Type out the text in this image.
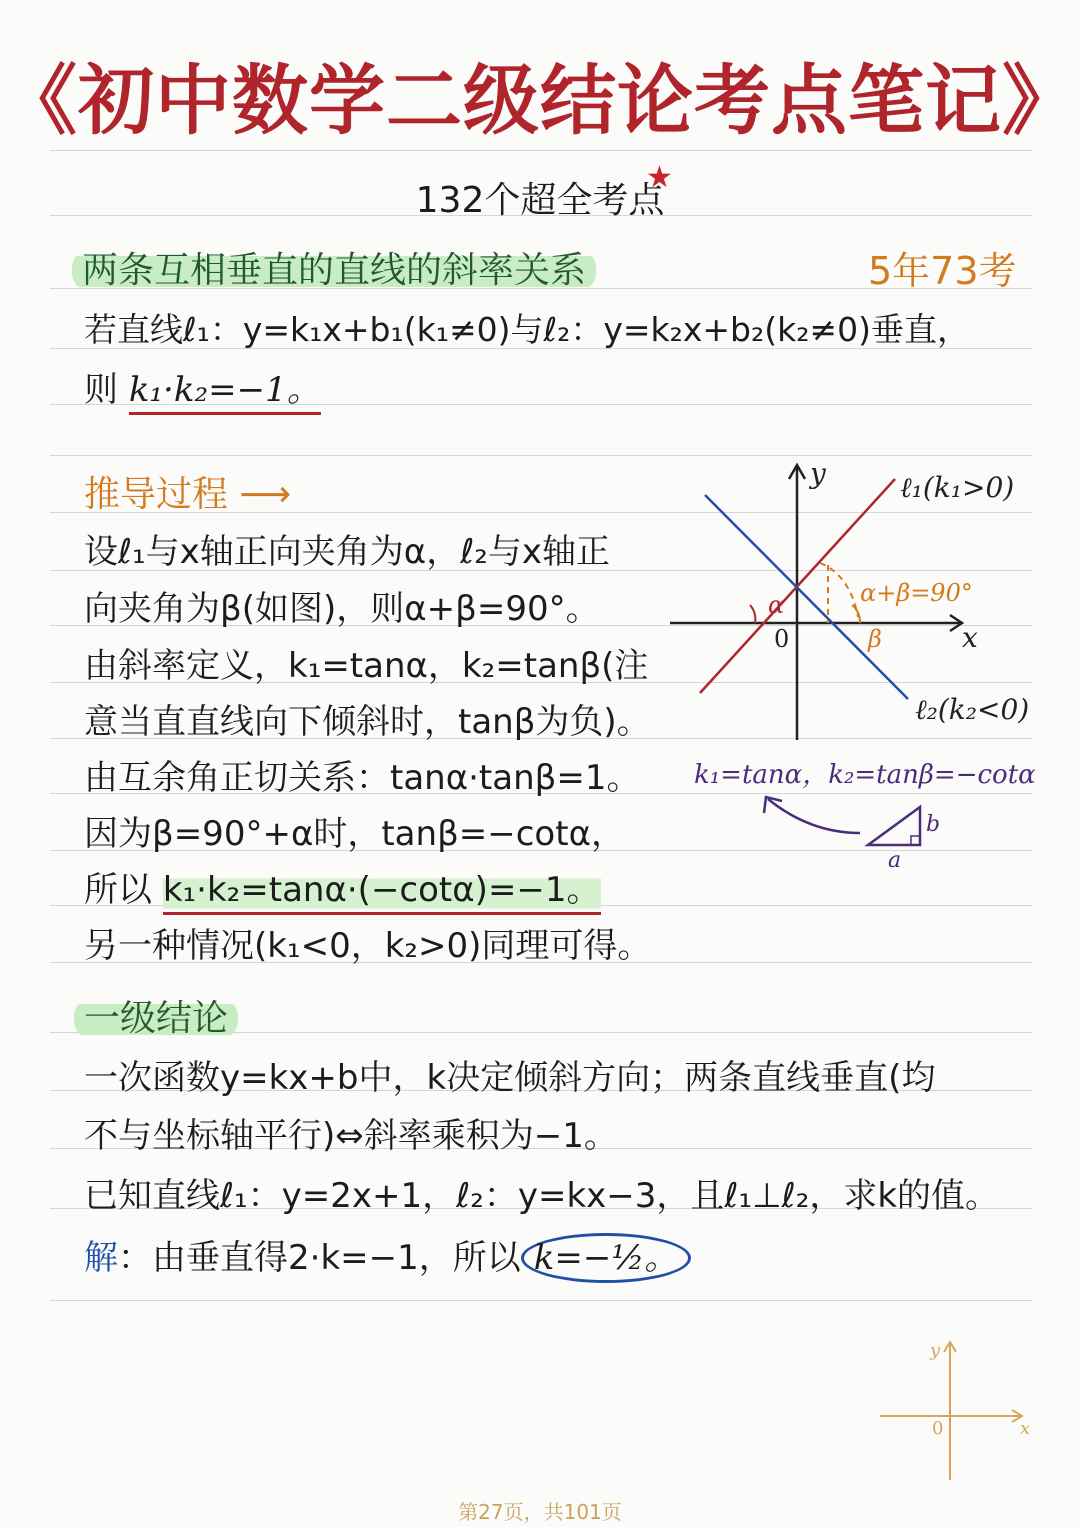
《初中数学二级结论考点笔记》
132个超全考点
★
两条互相垂直的直线的斜率关系	5年73考
若直线ℓ₁：y=k₁x+b₁(k₁≠0)与ℓ₂：y=k₂x+b₂(k₂≠0)垂直，
则 k₁·k₂=−1。
推导过程 ⟶
设ℓ₁与x轴正向夹角为α，ℓ₂与x轴正
向夹角为β(如图)，则α+β=90°。
由斜率定义，k₁=tanα，k₂=tanβ(注
意当直直线向下倾斜时，tanβ为负)。
由互余角正切关系：tanα·tanβ=1。
因为β=90°+α时，tanβ=−cotα，
所以 k₁·k₂=tanα·(−cotα)=−1。
另一种情况(k₁<0，k₂>0)同理可得。
y
x
0
ℓ₁(k₁>0)
ℓ₂(k₂<0)
α
β
α+β=90°
k₁=tanα，k₂=tanβ=−cotα
b
a
一级结论
一次函数y=kx+b中，k决定倾斜方向；两条直线垂直(均
不与坐标轴平行)⇔斜率乘积为−1。
已知直线ℓ₁：y=2x+1，ℓ₂：y=kx−3，且ℓ₁⊥ℓ₂，求k的值。
解：由垂直得2·k=−1，所以 k=−½。
y
x
0
第27页，共101页
